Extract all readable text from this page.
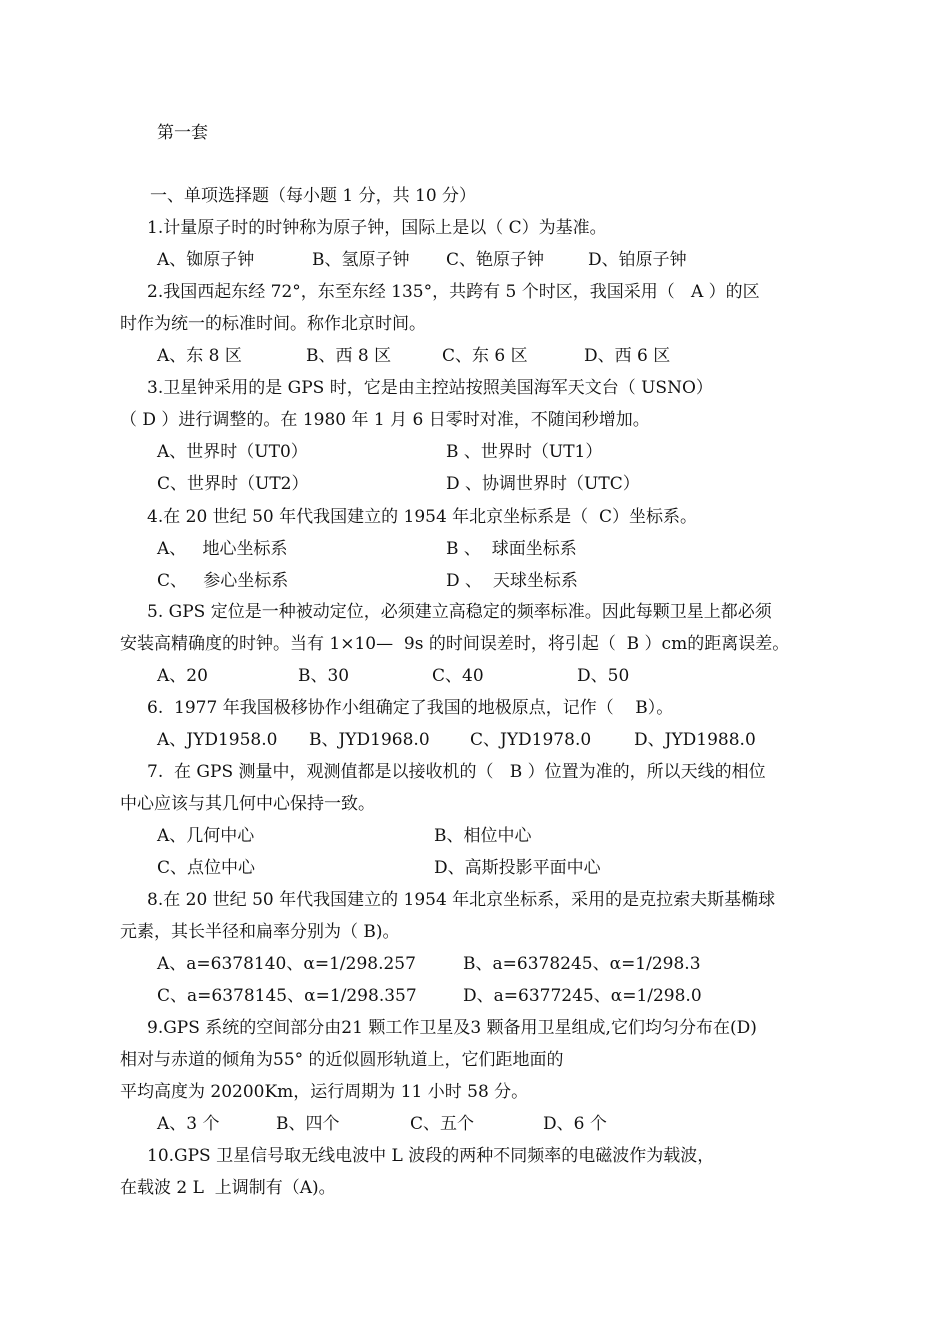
第一套
一、单项选择题（每小题 1 分，共 10 分）
1.计量原子时的时钟称为原子钟，国际上是以（ C）为基准。
A、铷原子钟	B、氢原子钟 C、铯原子钟	D、铂原子钟
2.我国西起东经 72°，东至东经 135°，共跨有 5 个时区，我国采用（   A ）的区
时作为统一的标准时间。称作北京时间。
A、东 8 区	B、西 8 区	C、东 6 区	D、西 6 区
3.卫星钟采用的是 GPS 时，它是由主控站按照美国海军天文台（ USNO）
（ D ）进行调整的。在 1980 年 1 月 6 日零时对准，不随闰秒增加。
A、世界时（UT0）	B 、世界时（UT1）
C、世界时（UT2）	D 、协调世界时（UTC）
4.在 20 世纪 50 年代我国建立的 1954 年北京坐标系是（  C）坐标系。
A、   地心坐标系	B 、  球面坐标系
C、   参心坐标系	D 、  天球坐标系
5. GPS 定位是一种被动定位，必须建立高稳定的频率标准。因此每颗卫星上都必须
安装高精确度的时钟。当有 1×10—  9s 的时间误差时，将引起（  B ）cm的距离误差。
A、20	B、30	C、40	D、50
6.  1977 年我国极移协作小组确定了我国的地极原点，记作（    B）。
A、JYD1958.0 B、JYD1968.0 C、JYD1978.0	D、JYD1988.0
7.  在 GPS 测量中，观测值都是以接收机的（   B ）位置为准的，所以天线的相位
中心应该与其几何中心保持一致。
A、几何中心	B、相位中心
C、点位中心	D、高斯投影平面中心
8.在 20 世纪 50 年代我国建立的 1954 年北京坐标系，采用的是克拉索夫斯基椭球
元素，其长半径和扁率分别为（ B)。
A、a=6378140、α=1/298.257	B、a=6378245、α=1/298.3
C、a=6378145、α=1/298.357	D、a=6377245、α=1/298.0
9.GPS 系统的空间部分由21 颗工作卫星及3 颗备用卫星组成,它们均匀分布在(D)
相对与赤道的倾角为55° 的近似圆形轨道上，它们距地面的
平均高度为 20200Km，运行周期为 11 小时 58 分。
A、3 个	B、四个	C、五个	D、6 个
10.GPS 卫星信号取无线电波中 L 波段的两种不同频率的电磁波作为载波，
在载波 2 L  上调制有（A)。
